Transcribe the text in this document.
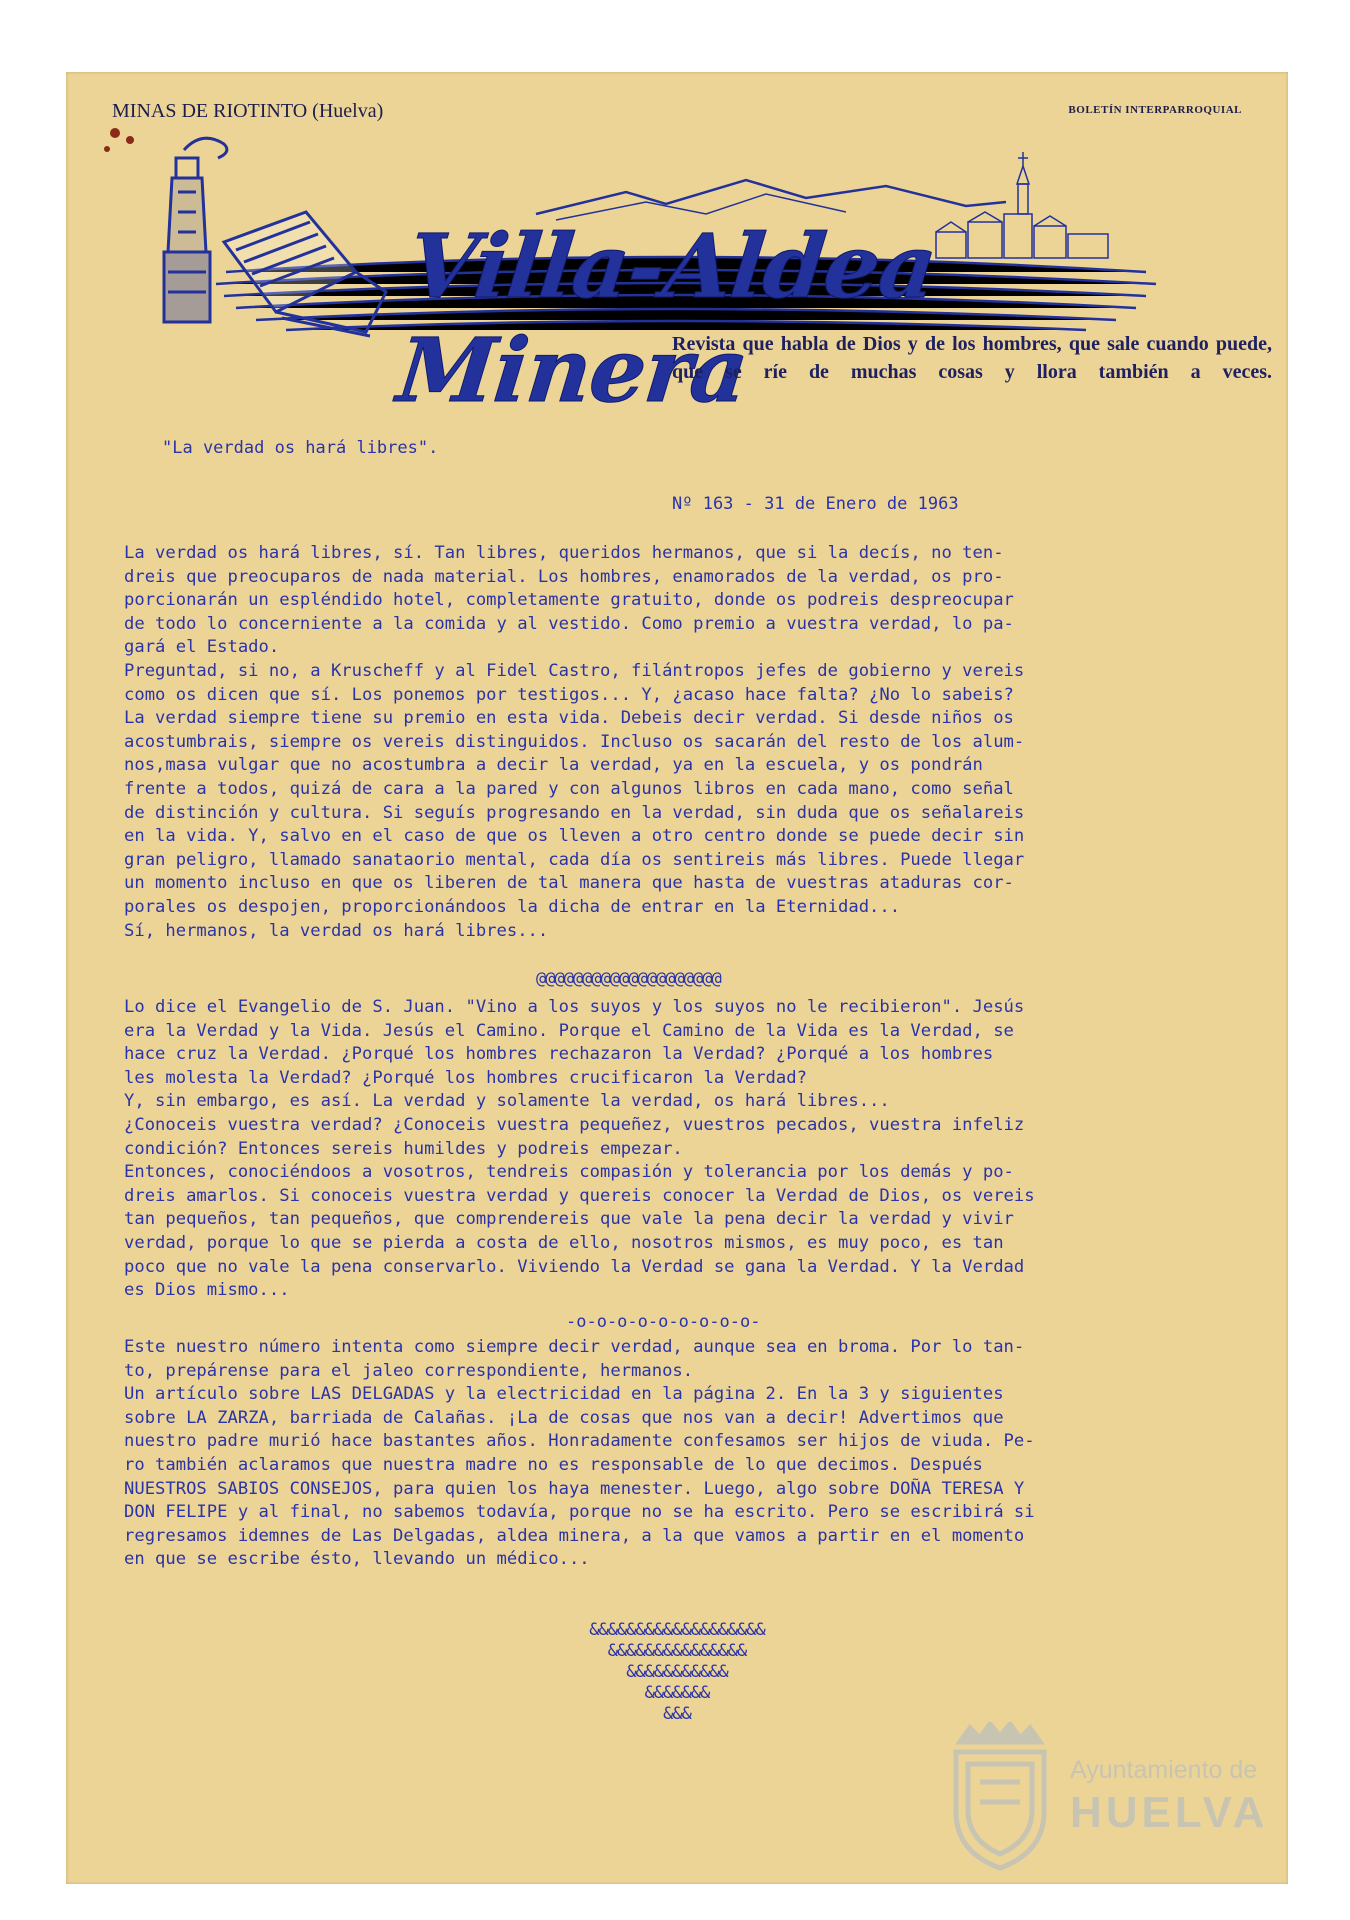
MINAS DE RIOTINTO (Huelva)	BOLETÍN INTERPARROQUIAL
Villa-Aldea Minera
Revista que habla de Dios y de los hombres, que sale cuando puede, que se ríe de muchas cosas y llora también a veces.
"La verdad os hará libres".
Nº 163 - 31 de Enero de 1963

La verdad os hará libres, sí. Tan libres, queridos hermanos, que si la decís, no ten-

dreis que preocuparos de nada material. Los hombres, enamorados de la verdad, os pro-

porcionarán un espléndido hotel, completamente gratuito, donde os podreis despreocupar

de todo lo concerniente a la comida y al vestido. Como premio a vuestra verdad, lo pa-

gará el Estado.

Preguntad, si no, a Kruscheff y al Fidel Castro, filántropos jefes de gobierno y vereis

como os dicen que sí. Los ponemos por testigos... Y, ¿acaso hace falta? ¿No lo sabeis?

La verdad siempre tiene su premio en esta vida. Debeis decir verdad. Si desde niños os

acostumbrais, siempre os vereis distinguidos. Incluso os sacarán del resto de los alum-

nos,masa vulgar que no acostumbra a decir la verdad, ya en la escuela, y os pondrán

frente a todos, quizá de cara a la pared y con algunos libros en cada mano, como señal

de distinción y cultura. Si seguís progresando en la verdad, sin duda que os señalareis

en la vida. Y, salvo en el caso de que os lleven a otro centro donde se puede decir sin

gran peligro, llamado sanataorio mental, cada día os sentireis más libres. Puede llegar

un momento incluso en que os liberen de tal manera que hasta de vuestras ataduras cor-

porales os despojen, proporcionándoos la dicha de entrar en la Eternidad...

Sí, hermanos, la verdad os hará libres...

@@@@@@@@@@@@@@@@@@@@

Lo dice el Evangelio de S. Juan. "Vino a los suyos y los suyos no le recibieron". Jesús

era la Verdad y la Vida. Jesús el Camino. Porque el Camino de la Vida es la Verdad, se

hace cruz la Verdad. ¿Porqué los hombres rechazaron la Verdad? ¿Porqué a los hombres

les molesta la Verdad? ¿Porqué los hombres crucificaron la Verdad?

Y, sin embargo, es así. La verdad y solamente la verdad, os hará libres...

¿Conoceis vuestra verdad? ¿Conoceis vuestra pequeñez, vuestros pecados, vuestra infeliz

condición? Entonces sereis humildes y podreis empezar.

Entonces, conociéndoos a vosotros, tendreis compasión y tolerancia por los demás y po-

dreis amarlos. Si conoceis vuestra verdad y quereis conocer la Verdad de Dios, os vereis

tan pequeños, tan pequeños, que comprendereis que vale la pena decir la verdad y vivir

verdad, porque lo que se pierda a costa de ello, nosotros mismos, es muy poco, es tan

poco que no vale la pena conservarlo. Viviendo la Verdad se gana la Verdad. Y la Verdad

es Dios mismo...

-o-o-o-o-o-o-o-o-o-

Este nuestro número intenta como siempre decir verdad, aunque sea en broma. Por lo tan-

to, prepárense para el jaleo correspondiente, hermanos.

Un artículo sobre LAS DELGADAS y la electricidad en la página 2. En la 3 y siguientes

sobre LA ZARZA, barriada de Calañas. ¡La de cosas que nos van a decir! Advertimos que

nuestro padre murió hace bastantes años. Honradamente confesamos ser hijos de viuda. Pe-

ro también aclaramos que nuestra madre no es responsable de lo que decimos. Después

NUESTROS SABIOS CONSEJOS, para quien los haya menester. Luego, algo sobre DOÑA TERESA Y

DON FELIPE y al final, no sabemos todavía, porque no se ha escrito. Pero se escribirá si

regresamos idemnes de Las Delgadas, aldea minera, a la que vamos a partir en el momento

en que se escribe ésto, llevando un médico...

&&&&&&&&&&&&&&&&&&&
&&&&&&&&&&&&&&&
&&&&&&&&&&&
&&&&&&&
&&&
Ayuntamiento de
HUELVA
